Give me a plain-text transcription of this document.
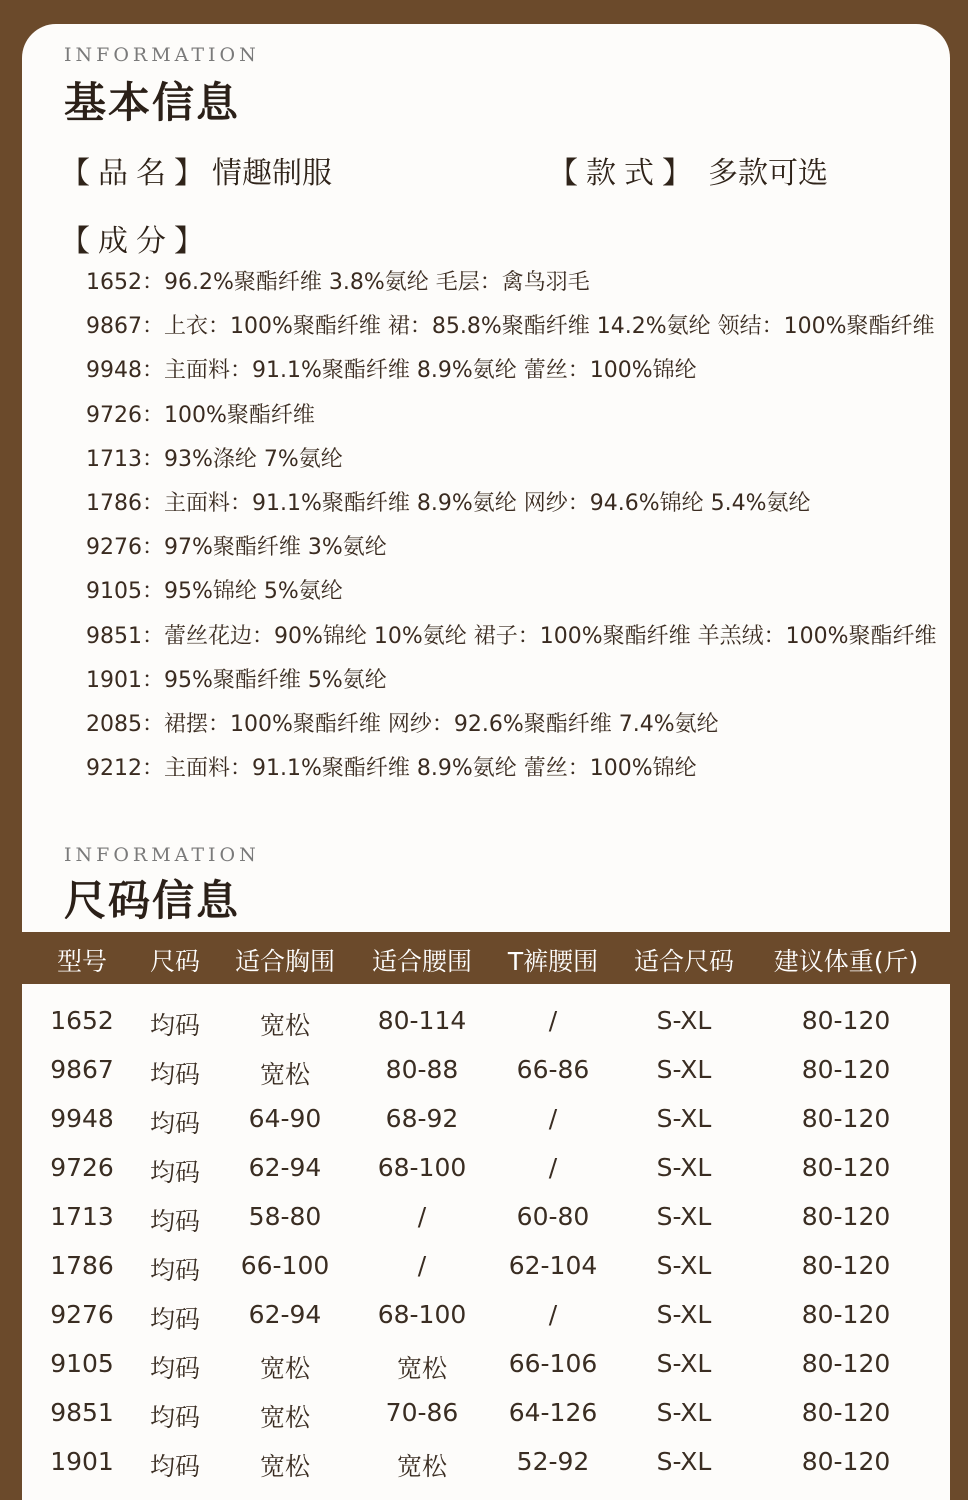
INFORMATION
基本信息
【品名】情趣制服	【款式】 多款可选
【成分】
1652：96.2%聚酯纤维 3.8%氨纶 毛层：禽鸟羽毛
9867：上衣：100%聚酯纤维 裙：85.8%聚酯纤维 14.2%氨纶 领结：100%聚酯纤维
9948：主面料：91.1%聚酯纤维 8.9%氨纶 蕾丝：100%锦纶
9726：100%聚酯纤维
1713：93%涤纶 7%氨纶
1786：主面料：91.1%聚酯纤维 8.9%氨纶 网纱：94.6%锦纶 5.4%氨纶
9276：97%聚酯纤维 3%氨纶
9105：95%锦纶 5%氨纶
9851：蕾丝花边：90%锦纶 10%氨纶 裙子：100%聚酯纤维 羊羔绒：100%聚酯纤维
1901：95%聚酯纤维 5%氨纶
2085：裙摆：100%聚酯纤维 网纱：92.6%聚酯纤维 7.4%氨纶
9212：主面料：91.1%聚酯纤维 8.9%氨纶 蕾丝：100%锦纶
INFORMATION
尺码信息
型号	尺码	适合胸围	适合腰围	T裤腰围	适合尺码	建议体重(斤)
1652	均码	宽松	80-114	/	S-XL	80-120
9867	均码	宽松	80-88	66-86	S-XL	80-120
9948	均码	64-90	68-92	/	S-XL	80-120
9726	均码	62-94	68-100	/	S-XL	80-120
1713	均码	58-80	/	60-80	S-XL	80-120
1786	均码	66-100	/	62-104	S-XL	80-120
9276	均码	62-94	68-100	/	S-XL	80-120
9105	均码	宽松	宽松	66-106	S-XL	80-120
9851	均码	宽松	70-86	64-126	S-XL	80-120
1901	均码	宽松	宽松	52-92	S-XL	80-120
